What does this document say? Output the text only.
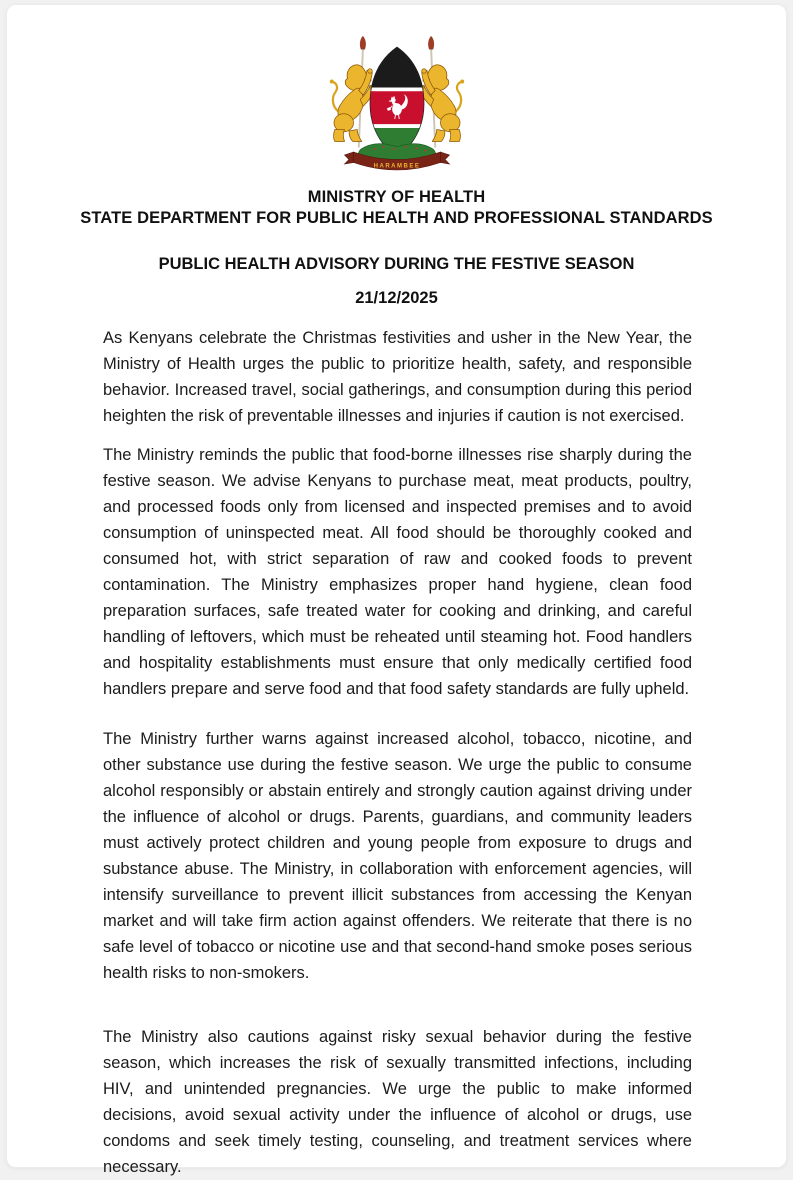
HARAMBEE
MINISTRY OF HEALTH
STATE DEPARTMENT FOR PUBLIC HEALTH AND PROFESSIONAL STANDARDS
PUBLIC HEALTH ADVISORY DURING THE FESTIVE SEASON
21/12/2025

As Kenyans celebrate the Christmas festivities and usher in the New Year, the Ministry of Health urges the public to prioritize health, safety, and responsible behavior. Increased travel, social gatherings, and consumption during this period heighten the risk of preventable illnesses and injuries if caution is not exercised.

The Ministry reminds the public that food-borne illnesses rise sharply during the festive season. We advise Kenyans to purchase meat, meat products, poultry, and processed foods only from licensed and inspected premises and to avoid consumption of uninspected meat. All food should be thoroughly cooked and consumed hot, with strict separation of raw and cooked foods to prevent contamination. The Ministry emphasizes proper hand hygiene, clean food preparation surfaces, safe treated water for cooking and drinking, and careful handling of leftovers, which must be reheated until steaming hot. Food handlers and hospitality establishments must ensure that only medically certified food handlers prepare and serve food and that food safety standards are fully upheld.

The Ministry further warns against increased alcohol, tobacco, nicotine, and other substance use during the festive season. We urge the public to consume alcohol responsibly or abstain entirely and strongly caution against driving under the influence of alcohol or drugs. Parents, guardians, and community leaders must actively protect children and young people from exposure to drugs and substance abuse. The Ministry, in collaboration with enforcement agencies, will intensify surveillance to prevent illicit substances from accessing the Kenyan market and will take firm action against offenders. We reiterate that there is no safe level of tobacco or nicotine use and that second-hand smoke poses serious health risks to non-smokers.

The Ministry also cautions against risky sexual behavior during the festive season, which increases the risk of sexually transmitted infections, including HIV, and unintended pregnancies. We urge the public to make informed decisions, avoid sexual activity under the influence of alcohol or drugs, use condoms and seek timely testing, counseling, and treatment services where necessary.
